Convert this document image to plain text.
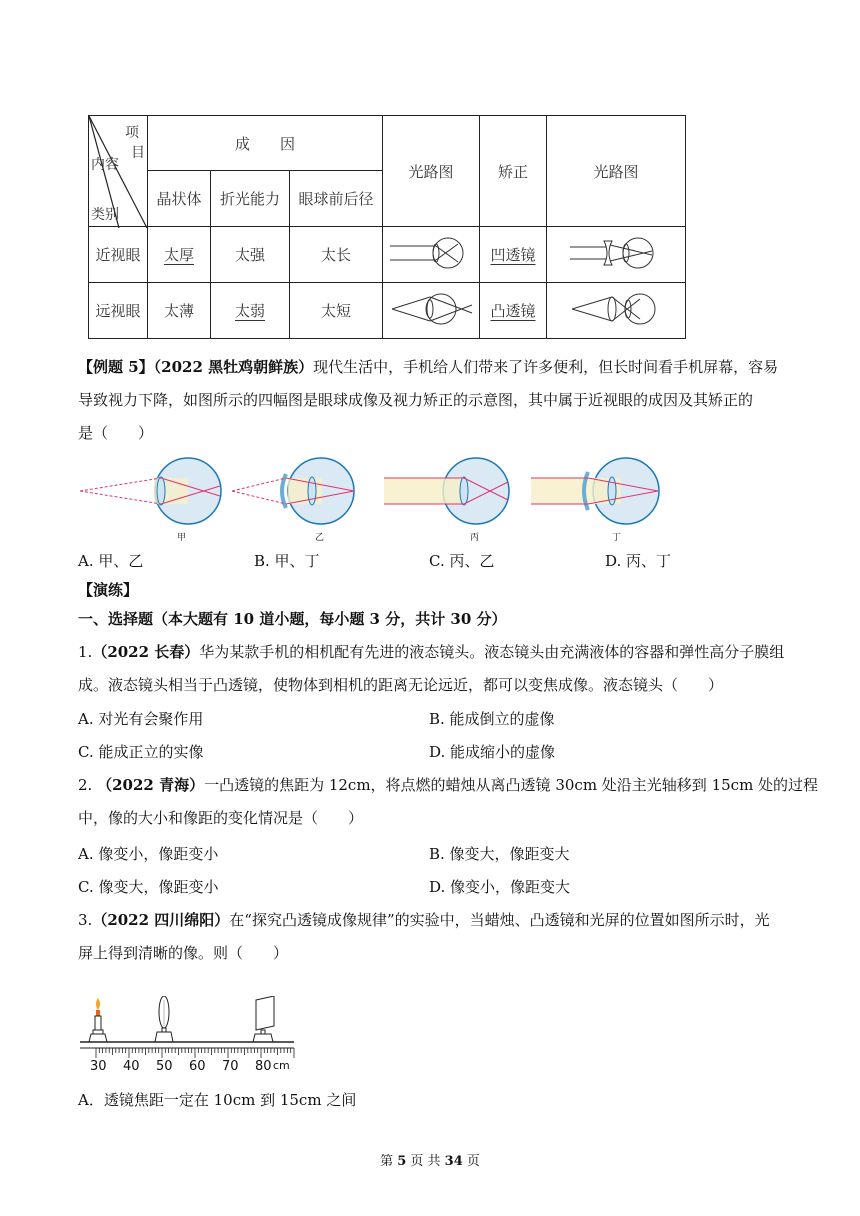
项
目
内容
类别	成　　因			光路图	矫正	光路图
	晶状体	折光能力	眼球前后径			
近视眼	太厚	太强	太长		凹透镜	
远视眼	太薄	太弱	太短		凸透镜	
【例题 5】（2022 黑牡鸡朝鲜族）现代生活中，手机给人们带来了许多便利，但长时间看手机屏幕，容易
导致视力下降，如图所示的四幅图是眼球成像及视力矫正的示意图，其中属于近视眼的成因及其矫正的
是（　　）
甲	乙	丙	丁
A. 甲、乙	B. 甲、丁	C. 丙、乙	D. 丙、丁
【演练】
一、选择题（本大题有 10 道小题，每小题 3 分，共计 30 分）
1.（2022 长春）华为某款手机的相机配有先进的液态镜头。液态镜头由充满液体的容器和弹性高分子膜组
成。液态镜头相当于凸透镜，使物体到相机的距离无论远近，都可以变焦成像。液态镜头（　　）
A. 对光有会聚作用	B. 能成倒立的虚像
C. 能成正立的实像	D. 能成缩小的虚像
2. （2022 青海）一凸透镜的焦距为 12cm，将点燃的蜡烛从离凸透镜 30cm 处沿主光轴移到 15cm 处的过程
中，像的大小和像距的变化情况是（　　）
A. 像变小，像距变小	B. 像变大，像距变大
C. 像变大，像距变小	D. 像变小，像距变大
3.（2022 四川绵阳）在“探究凸透镜成像规律”的实验中，当蜡烛、凸透镜和光屏的位置如图所示时，光
屏上得到清晰的像。则（　　）
30 40 50 60 70 80 cm
A．透镜焦距一定在 10cm 到 15cm 之间
第 5 页 共 34 页
